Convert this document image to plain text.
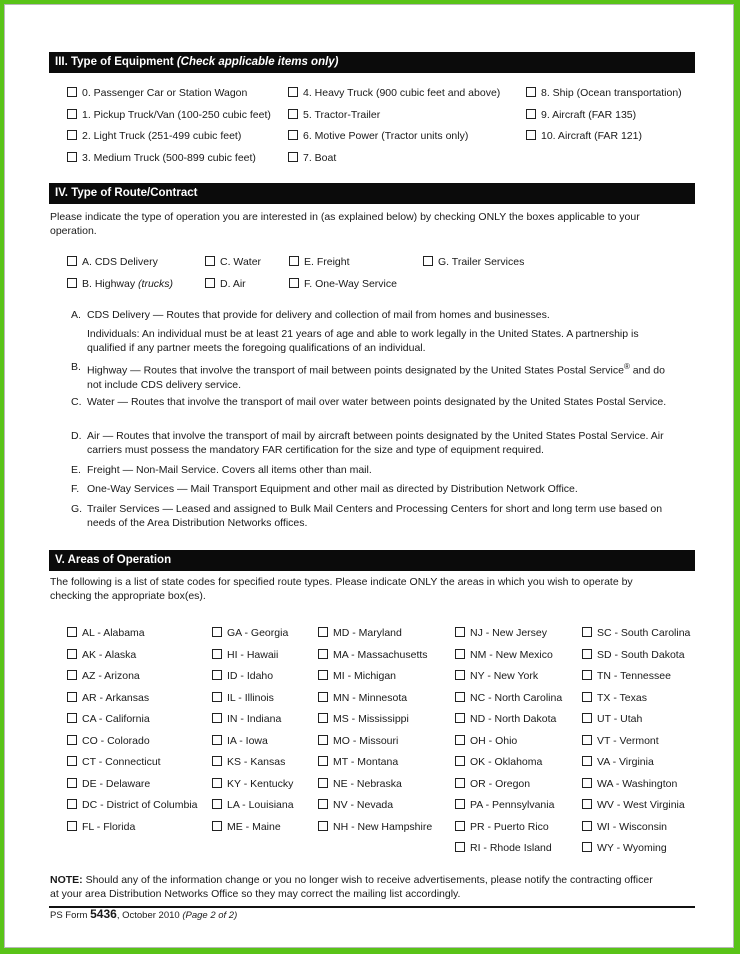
III. Type of Equipment (Check applicable items only)
0. Passenger Car or Station Wagon
1. Pickup Truck/Van (100-250 cubic feet)
2. Light Truck (251-499 cubic feet)
3. Medium Truck (500-899 cubic feet)
4. Heavy Truck (900 cubic feet and above)
5. Tractor-Trailer
6. Motive Power (Tractor units only)
7. Boat
8. Ship (Ocean transportation)
9. Aircraft (FAR 135)
10. Aircraft (FAR 121)
IV. Type of Route/Contract
Please indicate the type of operation you are interested in (as explained below) by checking ONLY the boxes applicable to your operation.
A. CDS Delivery
B. Highway (trucks)
C. Water
D. Air
E. Freight
F. One-Way Service
G. Trailer Services
A. CDS Delivery — Routes that provide for delivery and collection of mail from homes and businesses.
Individuals: An individual must be at least 21 years of age and able to work legally in the United States. A partnership is qualified if any partner meets the foregoing qualifications of an individual.
B. Highway — Routes that involve the transport of mail between points designated by the United States Postal Service® and do not include CDS delivery service.
C. Water — Routes that involve the transport of mail over water between points designated by the United States Postal Service.
D. Air — Routes that involve the transport of mail by aircraft between points designated by the United States Postal Service. Air carriers must possess the mandatory FAR certification for the size and type of equipment required.
E. Freight — Non-Mail Service. Covers all items other than mail.
F. One-Way Services — Mail Transport Equipment and other mail as directed by Distribution Network Office.
G. Trailer Services — Leased and assigned to Bulk Mail Centers and Processing Centers for short and long term use based on needs of the Area Distribution Networks offices.
V. Areas of Operation
The following is a list of state codes for specified route types. Please indicate ONLY the areas in which you wish to operate by checking the appropriate box(es).
AL - Alabama
AK - Alaska
AZ - Arizona
AR - Arkansas
CA - California
CO - Colorado
CT - Connecticut
DE - Delaware
DC - District of Columbia
FL - Florida
GA - Georgia
HI - Hawaii
ID - Idaho
IL - Illinois
IN - Indiana
IA - Iowa
KS - Kansas
KY - Kentucky
LA - Louisiana
ME - Maine
MD - Maryland
MA - Massachusetts
MI - Michigan
MN - Minnesota
MS - Mississippi
MO - Missouri
MT - Montana
NE - Nebraska
NV - Nevada
NH - New Hampshire
NJ - New Jersey
NM - New Mexico
NY - New York
NC - North Carolina
ND - North Dakota
OH - Ohio
OK - Oklahoma
OR - Oregon
PA - Pennsylvania
PR - Puerto Rico
RI - Rhode Island
SC - South Carolina
SD - South Dakota
TN - Tennessee
TX - Texas
UT - Utah
VT - Vermont
VA - Virginia
WA - Washington
WV - West Virginia
WI - Wisconsin
WY - Wyoming
NOTE: Should any of the information change or you no longer wish to receive advertisements, please notify the contracting officer at your area Distribution Networks Office so they may correct the mailing list accordingly.
PS Form 5436, October 2010 (Page 2 of 2)
